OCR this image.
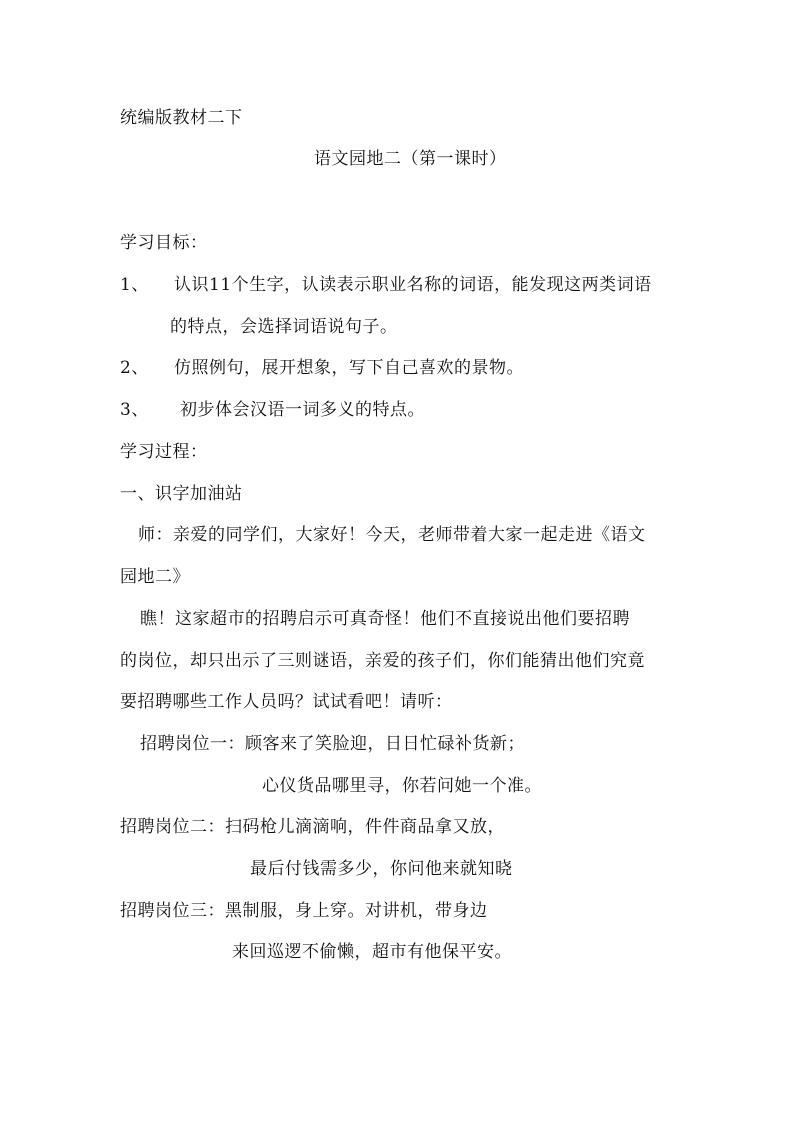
统编版教材二下
语文园地二（第一课时）
学习目标：
1、 认识11个生字，认读表示职业名称的词语，能发现这两类词语
的特点，会选择词语说句子。
2、 仿照例句，展开想象，写下自己喜欢的景物。
3、 初步体会汉语一词多义的特点。
学习过程：
一、识字加油站
师：亲爱的同学们，大家好！今天，老师带着大家一起走进《语文
园地二》
瞧！这家超市的招聘启示可真奇怪！他们不直接说出他们要招聘
的岗位，却只出示了三则谜语，亲爱的孩子们，你们能猜出他们究竟
要招聘哪些工作人员吗？试试看吧！请听：
招聘岗位一：顾客来了笑脸迎，日日忙碌补货新；
心仪货品哪里寻，你若问她一个准。
招聘岗位二：扫码枪儿滴滴响，件件商品拿又放，
最后付钱需多少，你问他来就知晓
招聘岗位三：黑制服，身上穿。对讲机，带身边
来回巡逻不偷懒，超市有他保平安。
